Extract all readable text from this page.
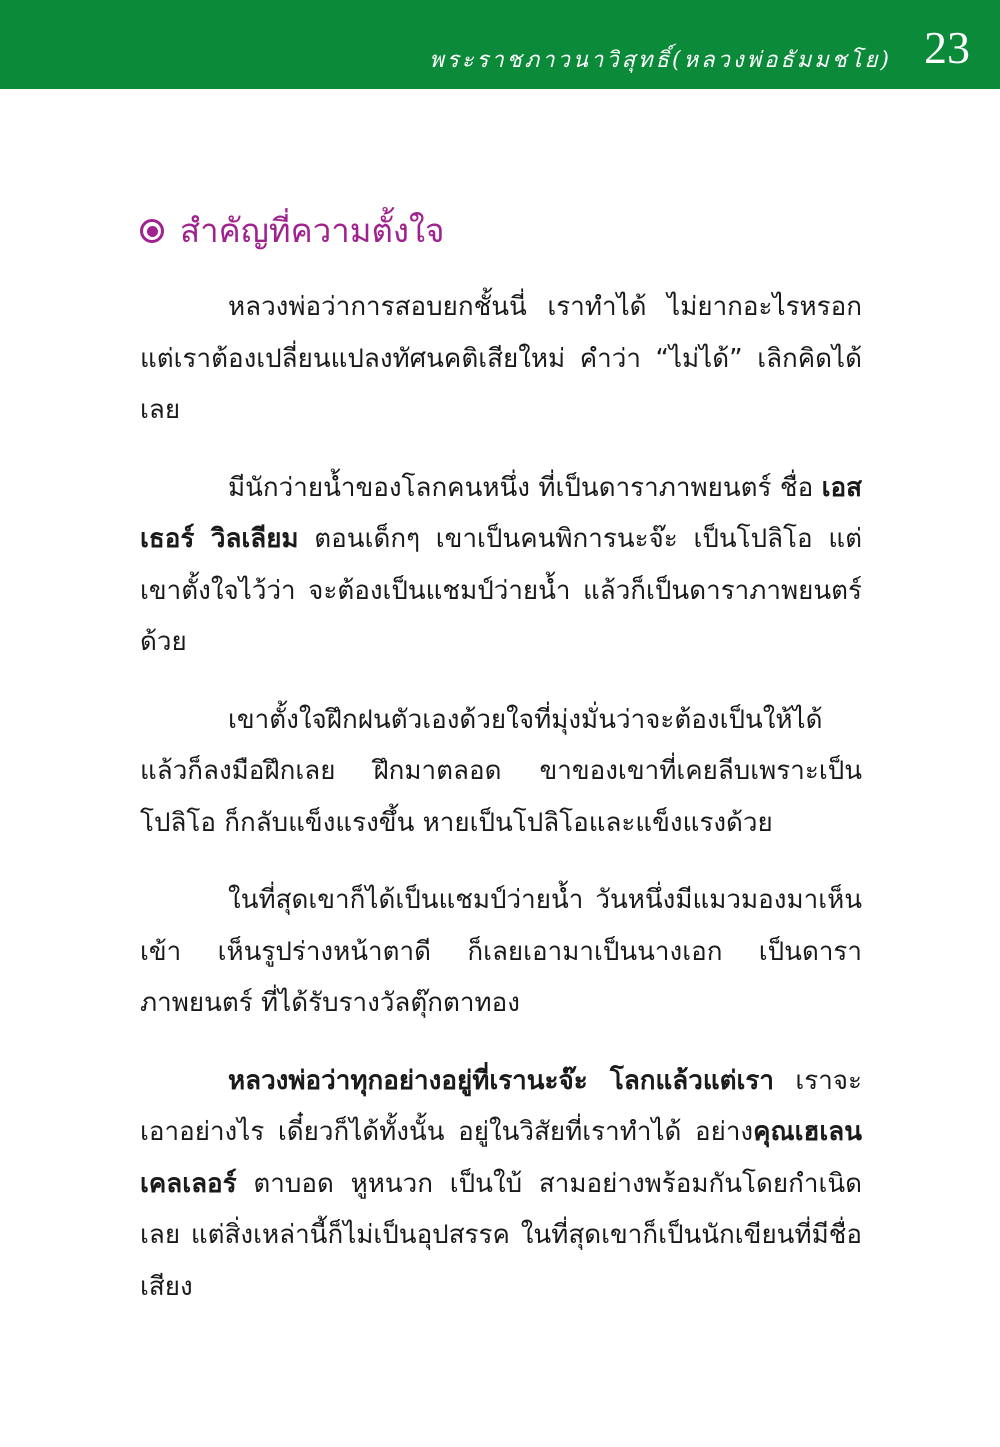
พระราชภาวนาวิสุทธิ์(หลวงพ่อธัมมชโย) 23
สำคัญที่ความตั้งใจ

หลวงพ่อว่าการสอบยกชั้นนี่ เราทำได้ ไม่ยากอะไรหรอก แต่เราต้องเปลี่ยนแปลงทัศนคติเสียใหม่ คำว่า “ไม่ได้” เลิกคิดได้เลย

มีนักว่ายน้ำของโลกคนหนึ่ง ที่เป็นดาราภาพยนตร์ ชื่อ เอสเธอร์ วิลเลียม ตอนเด็กๆ เขาเป็นคนพิการนะจ๊ะ เป็นโปลิโอ แต่เขาตั้งใจไว้ว่า จะต้องเป็นแชมป์ว่ายน้ำ แล้วก็เป็นดาราภาพยนตร์ด้วย

เขาตั้งใจฝึกฝนตัวเองด้วยใจที่มุ่งมั่นว่าจะต้องเป็นให้ได้ แล้วก็ลงมือฝึกเลย ฝึกมาตลอด ขาของเขาที่เคยลีบเพราะเป็นโปลิโอ ก็กลับแข็งแรงขึ้น หายเป็นโปลิโอและแข็งแรงด้วย

ในที่สุดเขาก็ได้เป็นแชมป์ว่ายน้ำ วันหนึ่งมีแมวมองมาเห็นเข้า เห็นรูปร่างหน้าตาดี ก็เลยเอามาเป็นนางเอก เป็นดาราภาพยนตร์ ที่ได้รับรางวัลตุ๊กตาทอง

หลวงพ่อว่าทุกอย่างอยู่ที่เรานะจ๊ะ โลกแล้วแต่เรา เราจะเอาอย่างไร เดี๋ยวก็ได้ทั้งนั้น อยู่ในวิสัยที่เราทำได้ อย่างคุณเฮเลน เคลเลอร์ ตาบอด หูหนวก เป็นใบ้ สามอย่างพร้อมกันโดยกำเนิดเลย แต่สิ่งเหล่านี้ก็ไม่เป็นอุปสรรค ในที่สุดเขาก็เป็นนักเขียนที่มีชื่อเสียง
